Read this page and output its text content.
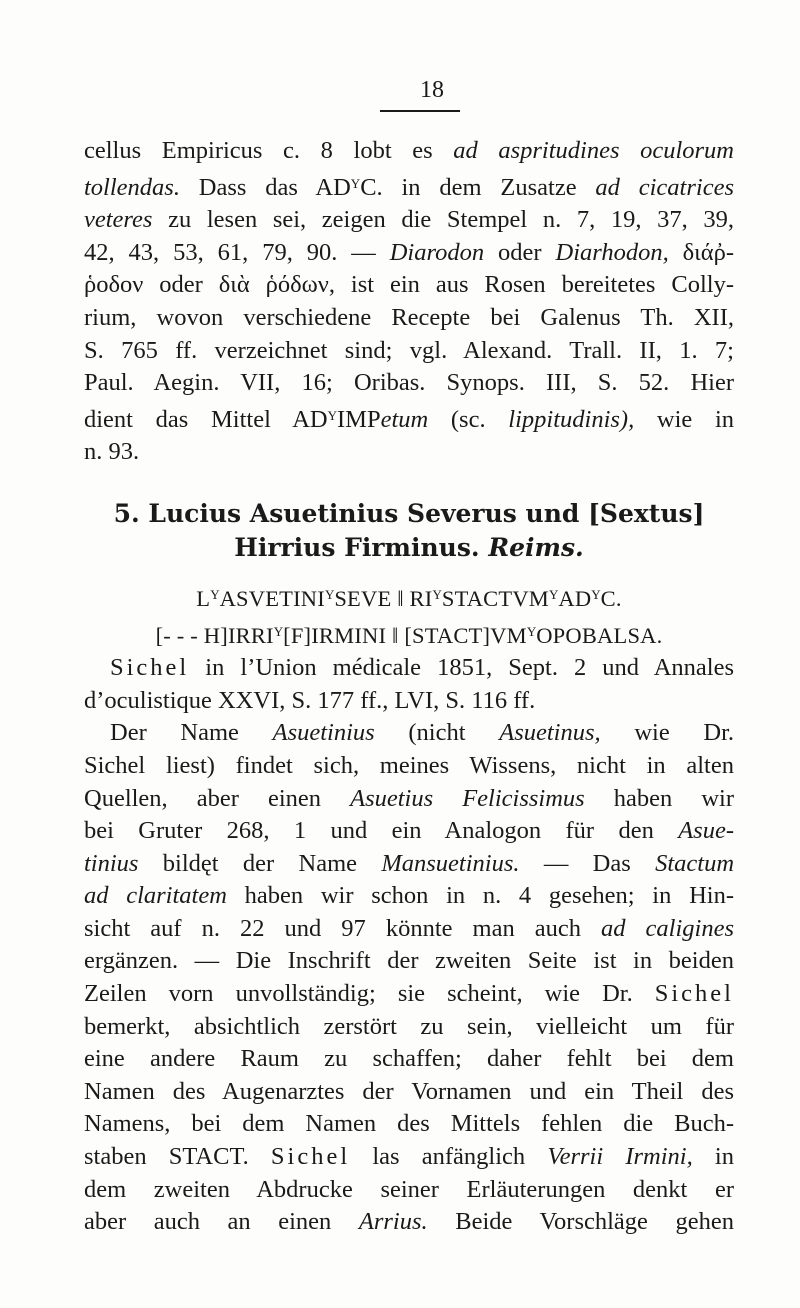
18
cellus Empiricus c. 8 lobt es ad aspritudines oculorum
tollendas. Dass das $AD^YC$. in dem Zusatze ad cicatrices
veteres zu lesen sei, zeigen die Stempel n. 7, 19, 37, 39,
42, 43, 53, 61, 79, 90. — Diarodon oder Diarhodon, διάῤ-
ῥοδον oder διὰ ῥόδων, ist ein aus Rosen bereitetes Colly-
rium, wovon verschiedene Recepte bei Galenus Th. XII,
S. 765 ff. verzeichnet sind; vgl. Alexand. Trall. II, 1. 7;
Paul. Aegin. VII, 16; Oribas. Synops. III, S. 52. Hier
dient das Mittel $AD^YIMPetum$ (sc. lippitudinis), wie in
n. 93.
5. Lucius Asuetinius Severus und [Sextus]
Hirrius Firminus. Reims.
$L^YASVETINI^YSEVE$ ‖ $RI^YSTACTVM^YAD^YC$.
[- - - $H]IRRI^Y[F]IRMINI$ ‖ $[STACT]VM^YOPOBALSA$.
Sichel in l’Union médicale 1851, Sept. 2 und Annales
d’oculistique XXVI, S. 177 ff., LVI, S. 116 ff.
Der Name Asuetinius (nicht Asuetinus, wie Dr.
Sichel liest) findet sich, meines Wissens, nicht in alten
Quellen, aber einen Asuetius Felicissimus haben wir
bei Gruter 268, 1 und ein Analogon für den Asue-
tinius bildęt der Name Mansuetinius. — Das Stactum
ad claritatem haben wir schon in n. 4 gesehen; in Hin-
sicht auf n. 22 und 97 könnte man auch ad caligines
ergänzen. — Die Inschrift der zweiten Seite ist in beiden
Zeilen vorn unvollständig; sie scheint, wie Dr. Sichel
bemerkt, absichtlich zerstört zu sein, vielleicht um für
eine andere Raum zu schaffen; daher fehlt bei dem
Namen des Augenarztes der Vornamen und ein Theil des
Namens, bei dem Namen des Mittels fehlen die Buch-
staben STACT. Sichel las anfänglich Verrii Irmini, in
dem zweiten Abdrucke seiner Erläuterungen denkt er
aber auch an einen Arrius. Beide Vorschläge gehen
